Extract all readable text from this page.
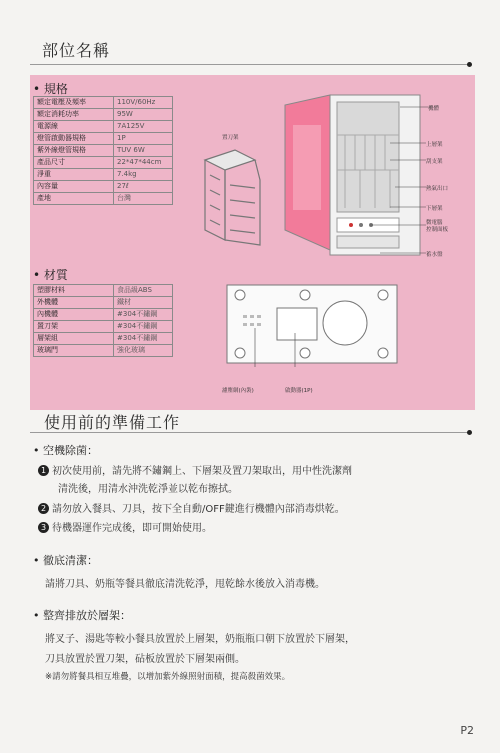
部位名稱
• 規格
額定電壓及頻率	110V/60Hz
額定消耗功率	95W
電源線	7A125V
燈管啟動器規格	1P
紫外線燈管規格	TUV 6W
產品尺寸	22*47*44cm
淨重	7.4kg
內容量	27ℓ
產地	台灣
• 材質
塑膠材料	食品級ABS
外機體	鐵材
內機體	#304不鏽鋼
置刀架	#304不鏽鋼
層架組	#304不鏽鋼
玻璃門	強化玻璃
置刀架
機體
上層架
刮支架
熱氣出口
下層架
微電腦
控制面板
蓄水盤
濾塵網(內裝)	啟動器(1P)
使用前的準備工作
• 空機除菌：
1 初次使用前，請先將不鏽鋼上、下層架及置刀架取出，用中性洗潔劑
清洗後，用清水沖洗乾淨並以乾布擦拭。
2 請勿放入餐具、刀具，按下全自動/OFF鍵進行機體內部消毒烘乾。
3 待機器運作完成後，即可開始使用。
• 徹底清潔：
請將刀具、奶瓶等餐具徹底清洗乾淨，甩乾餘水後放入消毒機。
• 整齊排放於層架：
將叉子、湯匙等較小餐具放置於上層架，奶瓶瓶口朝下放置於下層架，
刀具放置於置刀架，砧板放置於下層架兩側。
※請勿將餐具相互堆疊，以增加紫外線照射面積，提高殺菌效果。
P2
